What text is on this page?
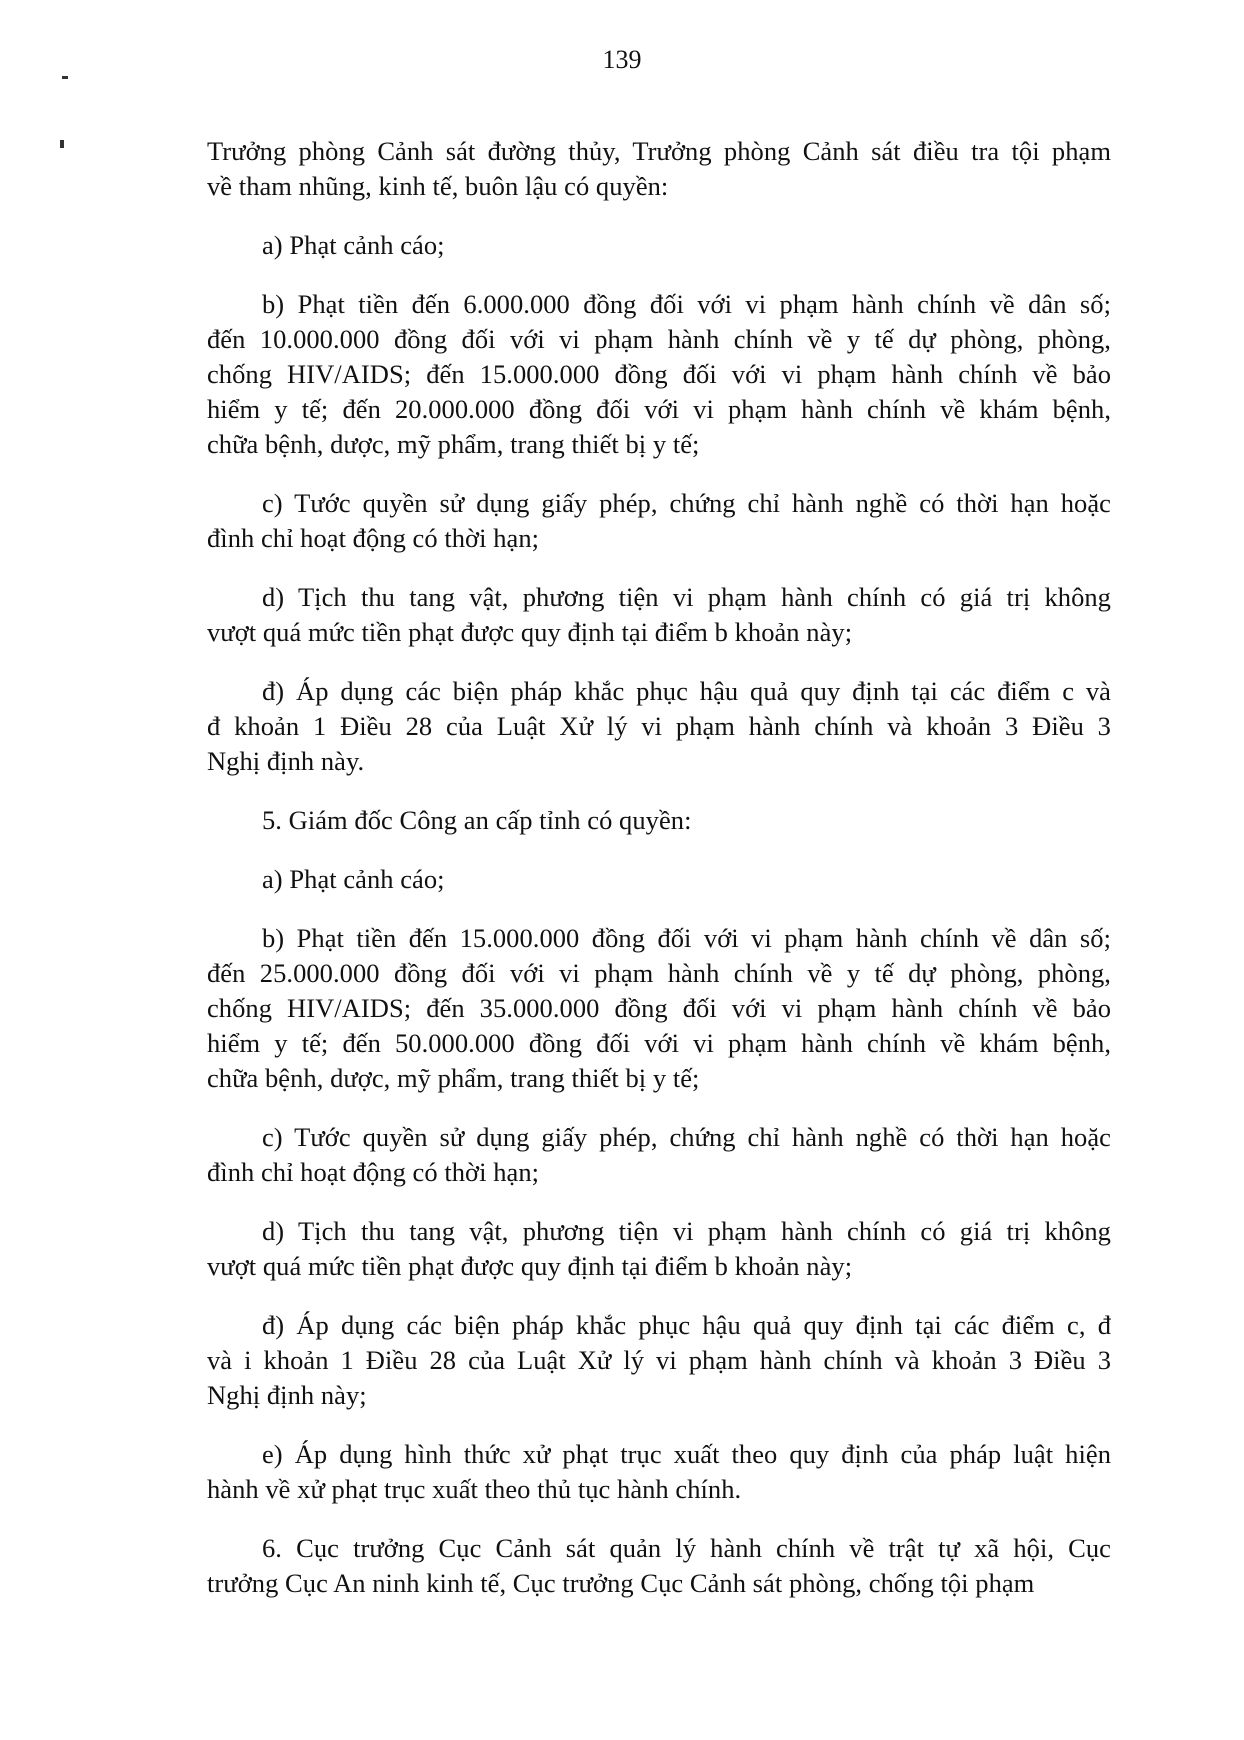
139
Trưởng phòng Cảnh sát đường thủy, Trưởng phòng Cảnh sát điều tra tội phạm
về tham nhũng, kinh tế, buôn lậu có quyền:
a) Phạt cảnh cáo;
b) Phạt tiền đến 6.000.000 đồng đối với vi phạm hành chính về dân số;
đến 10.000.000 đồng đối với vi phạm hành chính về y tế dự phòng, phòng,
chống HIV/AIDS; đến 15.000.000 đồng đối với vi phạm hành chính về bảo
hiểm y tế; đến 20.000.000 đồng đối với vi phạm hành chính về khám bệnh,
chữa bệnh, dược, mỹ phẩm, trang thiết bị y tế;
c) Tước quyền sử dụng giấy phép, chứng chỉ hành nghề có thời hạn hoặc
đình chỉ hoạt động có thời hạn;
d) Tịch thu tang vật, phương tiện vi phạm hành chính có giá trị không
vượt quá mức tiền phạt được quy định tại điểm b khoản này;
đ) Áp dụng các biện pháp khắc phục hậu quả quy định tại các điểm c và
đ khoản 1 Điều 28 của Luật Xử lý vi phạm hành chính và khoản 3 Điều 3
Nghị định này.
5. Giám đốc Công an cấp tỉnh có quyền:
a) Phạt cảnh cáo;
b) Phạt tiền đến 15.000.000 đồng đối với vi phạm hành chính về dân số;
đến 25.000.000 đồng đối với vi phạm hành chính về y tế dự phòng, phòng,
chống HIV/AIDS; đến 35.000.000 đồng đối với vi phạm hành chính về bảo
hiểm y tế; đến 50.000.000 đồng đối với vi phạm hành chính về khám bệnh,
chữa bệnh, dược, mỹ phẩm, trang thiết bị y tế;
c) Tước quyền sử dụng giấy phép, chứng chỉ hành nghề có thời hạn hoặc
đình chỉ hoạt động có thời hạn;
d) Tịch thu tang vật, phương tiện vi phạm hành chính có giá trị không
vượt quá mức tiền phạt được quy định tại điểm b khoản này;
đ) Áp dụng các biện pháp khắc phục hậu quả quy định tại các điểm c, đ
và i khoản 1 Điều 28 của Luật Xử lý vi phạm hành chính và khoản 3 Điều 3
Nghị định này;
e) Áp dụng hình thức xử phạt trục xuất theo quy định của pháp luật hiện
hành về xử phạt trục xuất theo thủ tục hành chính.
6. Cục trưởng Cục Cảnh sát quản lý hành chính về trật tự xã hội, Cục
trưởng Cục An ninh kinh tế, Cục trưởng Cục Cảnh sát phòng, chống tội phạm
